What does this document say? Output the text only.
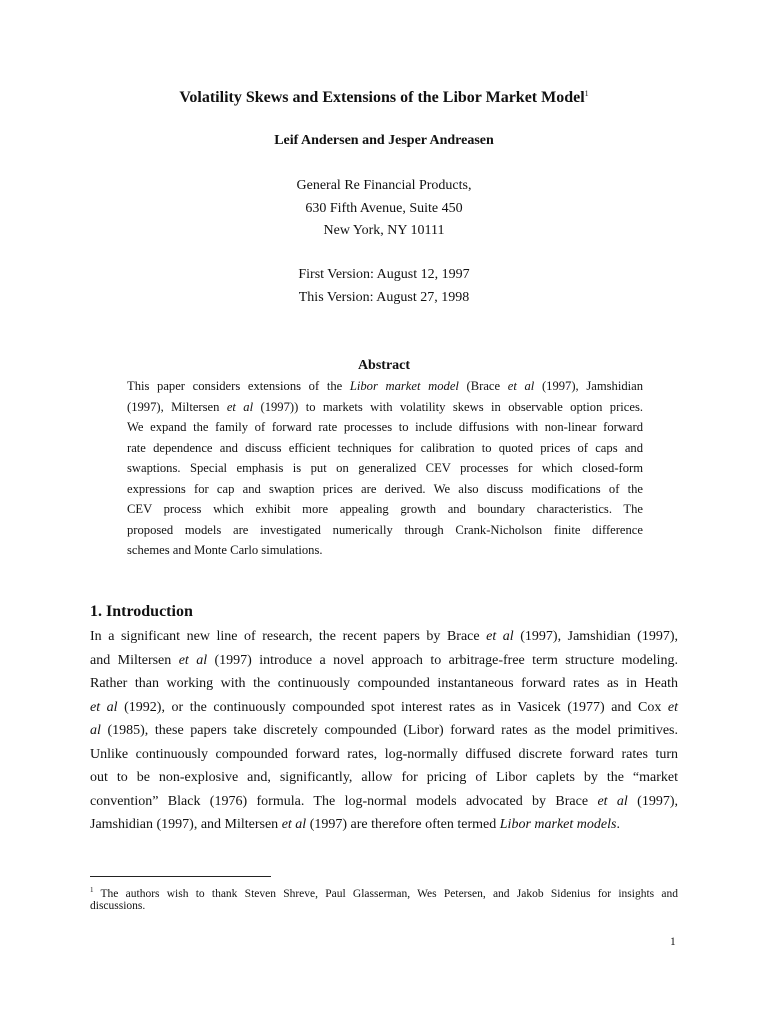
Volatility Skews and Extensions of the Libor Market Model$^1$
Leif Andersen and Jesper Andreasen
General Re Financial Products,
630 Fifth Avenue, Suite 450
New York, NY 10111
First Version: August 12, 1997
This Version: August 27, 1998
Abstract
This paper considers extensions of the Libor market model (Brace et al (1997), Jamshidian
(1997), Miltersen et al (1997)) to markets with volatility skews in observable option prices.
We expand the family of forward rate processes to include diffusions with non-linear forward
rate dependence and discuss efficient techniques for calibration to quoted prices of caps and
swaptions. Special emphasis is put on generalized CEV processes for which closed-form
expressions for cap and swaption prices are derived. We also discuss modifications of the
CEV process which exhibit more appealing growth and boundary characteristics. The
proposed models are investigated numerically through Crank-Nicholson finite difference
schemes and Monte Carlo simulations.
1. Introduction
In a significant new line of research, the recent papers by Brace et al (1997), Jamshidian (1997),
and Miltersen et al (1997) introduce a novel approach to arbitrage-free term structure modeling.
Rather than working with the continuously compounded instantaneous forward rates as in Heath
et al (1992), or the continuously compounded spot interest rates as in Vasicek (1977) and Cox et
al (1985), these papers take discretely compounded (Libor) forward rates as the model primitives.
Unlike continuously compounded forward rates, log-normally diffused discrete forward rates turn
out to be non-explosive and, significantly, allow for pricing of Libor caplets by the “market
convention” Black (1976) formula. The log-normal models advocated by Brace et al (1997),
Jamshidian (1997), and Miltersen et al (1997) are therefore often termed Libor market models.
$^1$ The authors wish to thank Steven Shreve, Paul Glasserman, Wes Petersen, and Jakob Sidenius for insights and
discussions.
1
